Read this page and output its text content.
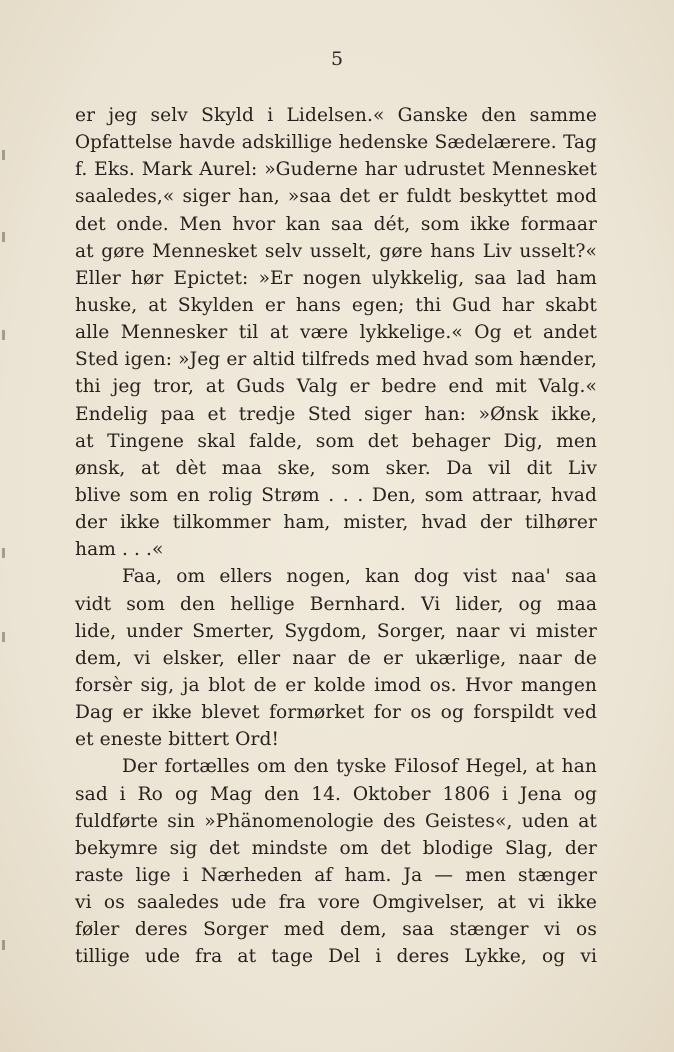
5
er jeg selv Skyld i Lidelsen.« Ganske den samme
Opfattelse havde adskillige hedenske Sædelærere. Tag
f. Eks. Mark Aurel: »Guderne har udrustet Mennesket
saaledes,« siger han, »saa det er fuldt beskyttet mod
det onde. Men hvor kan saa dét, som ikke formaar
at gøre Mennesket selv usselt, gøre hans Liv usselt?«
Eller hør Epictet: »Er nogen ulykkelig, saa lad ham
huske, at Skylden er hans egen; thi Gud har skabt
alle Mennesker til at være lykkelige.« Og et andet
Sted igen: »Jeg er altid tilfreds med hvad som hænder,
thi jeg tror, at Guds Valg er bedre end mit Valg.«
Endelig paa et tredje Sted siger han: »Ønsk ikke,
at Tingene skal falde, som det behager Dig, men
ønsk, at dèt maa ske, som sker. Da vil dit Liv
blive som en rolig Strøm . . . Den, som attraar, hvad
der ikke tilkommer ham, mister, hvad der tilhører
ham . . .«
Faa, om ellers nogen, kan dog vist naa' saa
vidt som den hellige Bernhard. Vi lider, og maa
lide, under Smerter, Sygdom, Sorger, naar vi mister
dem, vi elsker, eller naar de er ukærlige, naar de
forsèr sig, ja blot de er kolde imod os. Hvor mangen
Dag er ikke blevet formørket for os og forspildt ved
et eneste bittert Ord!
Der fortælles om den tyske Filosof Hegel, at han
sad i Ro og Mag den 14. Oktober 1806 i Jena og
fuldførte sin »Phänomenologie des Geistes«, uden at
bekymre sig det mindste om det blodige Slag, der
raste lige i Nærheden af ham. Ja — men stænger
vi os saaledes ude fra vore Omgivelser, at vi ikke
føler deres Sorger med dem, saa stænger vi os
tillige ude fra at tage Del i deres Lykke, og vi
